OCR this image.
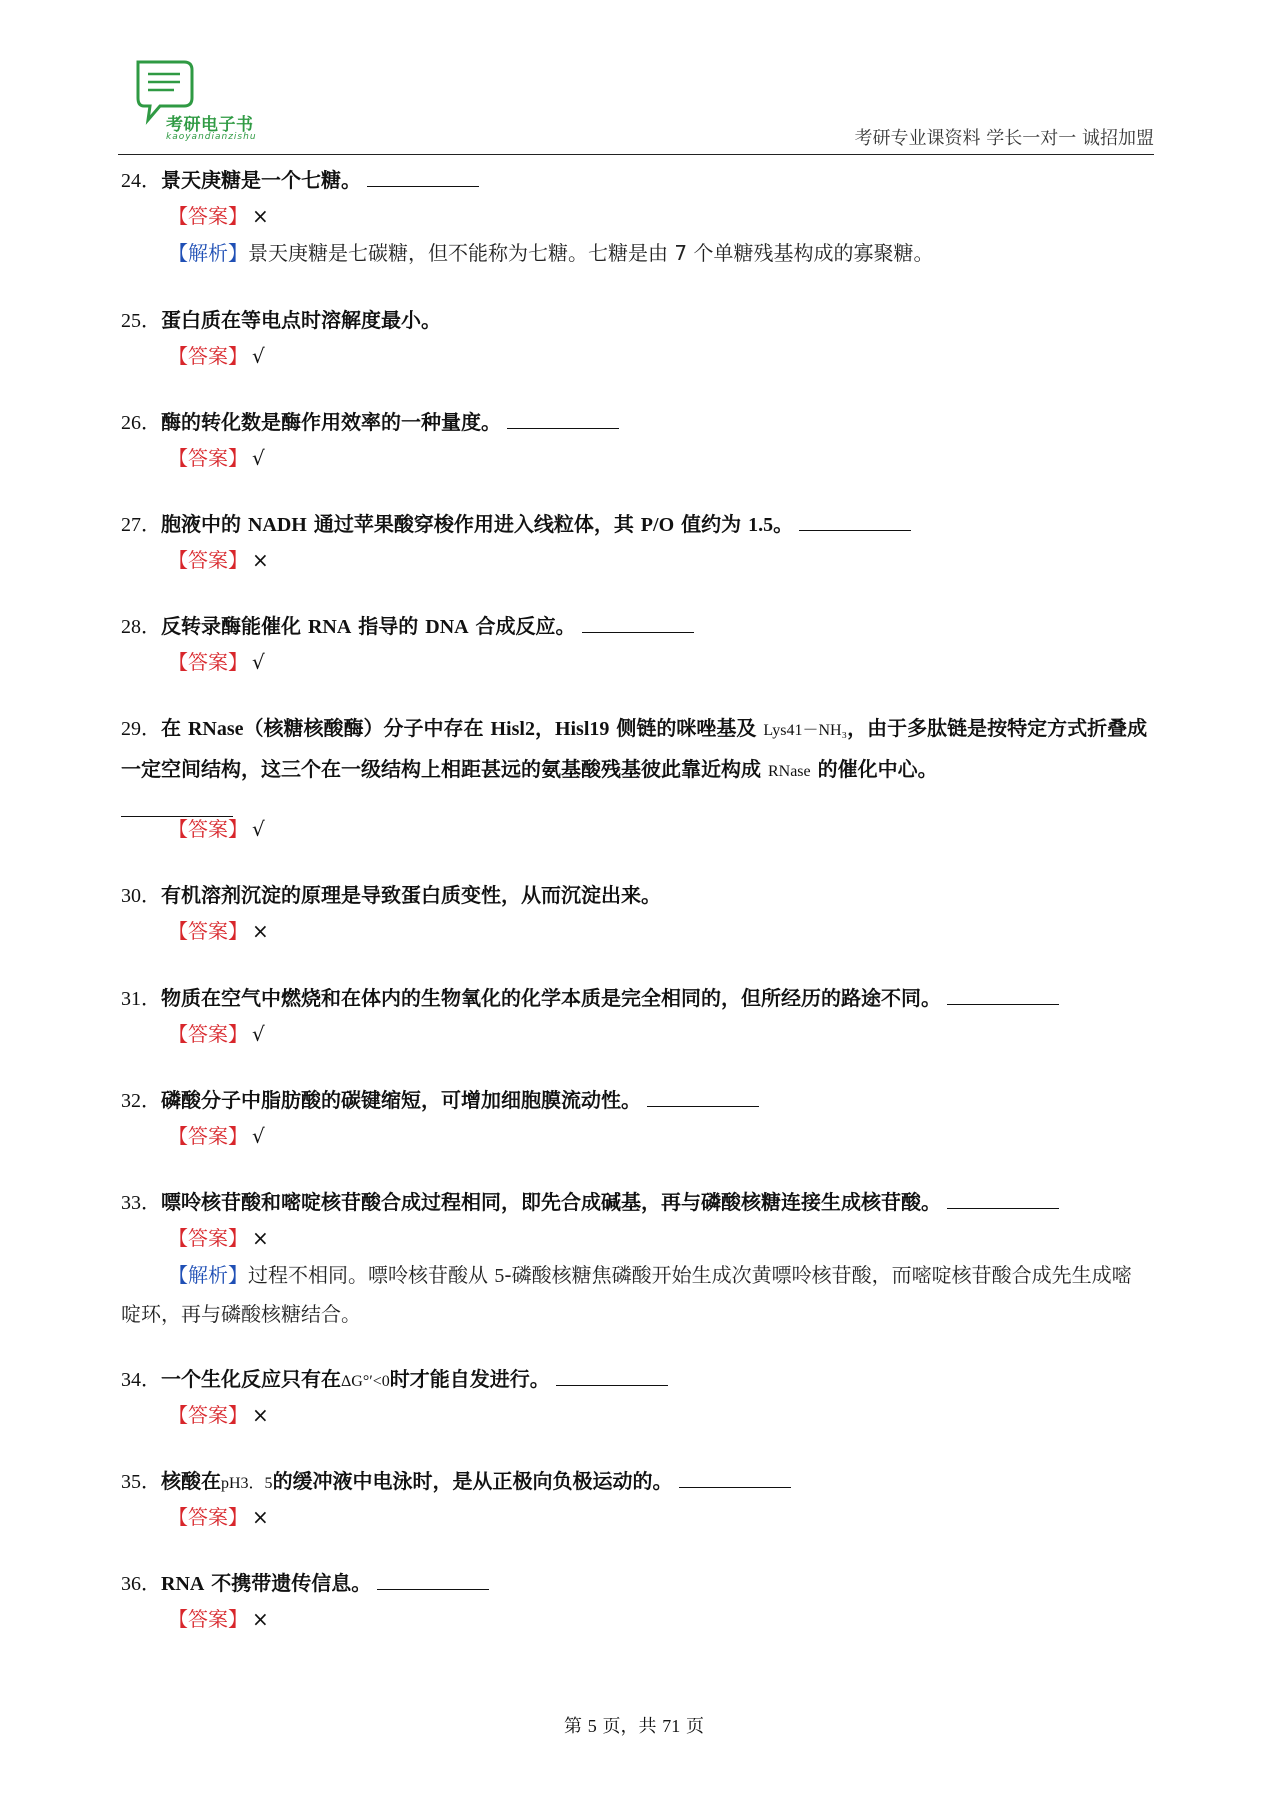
考研电子书
kaoyandianzishu	考研专业课资料 学长一对一 诚招加盟
24．景天庚糖是一个七糖。
【答案】 ×
【解析】景天庚糖是七碳糖，但不能称为七糖。七糖是由 7 个单糖残基构成的寡聚糖。
25．蛋白质在等电点时溶解度最小。
【答案】 √
26．酶的转化数是酶作用效率的一种量度。
【答案】 √
27．胞液中的 NADH 通过苹果酸穿梭作用进入线粒体，其 P/O 值约为 1.5。
【答案】 ×
28．反转录酶能催化 RNA 指导的 DNA 合成反应。
【答案】 √
29．在 RNase（核糖核酸酶）分子中存在 Hisl2，Hisl19 侧链的咪唑基及 Lys41－NH₃，由于多肽链是按特定方式折叠成一定空间结构，这三个在一级结构上相距甚远的氨基酸残基彼此靠近构成 RNase 的催化中心。

【答案】 √
30．有机溶剂沉淀的原理是导致蛋白质变性，从而沉淀出来。
【答案】 ×
31．物质在空气中燃烧和在体内的生物氧化的化学本质是完全相同的，但所经历的路途不同。
【答案】 √
32．磷酸分子中脂肪酸的碳键缩短，可增加细胞膜流动性。
【答案】 √
33．嘌呤核苷酸和嘧啶核苷酸合成过程相同，即先合成碱基，再与磷酸核糖连接生成核苷酸。
【答案】 ×
【解析】过程不相同。嘌呤核苷酸从 5-磷酸核糖焦磷酸开始生成次黄嘌呤核苷酸，而嘧啶核苷酸合成先生成嘧啶环，再与磷酸核糖结合。
34．一个生化反应只有在ΔG°′<0时才能自发进行。
【答案】 ×
35．核酸在pH3．5的缓冲液中电泳时，是从正极向负极运动的。
【答案】 ×
36．RNA 不携带遗传信息。
【答案】 ×
第 5 页，共 71 页
